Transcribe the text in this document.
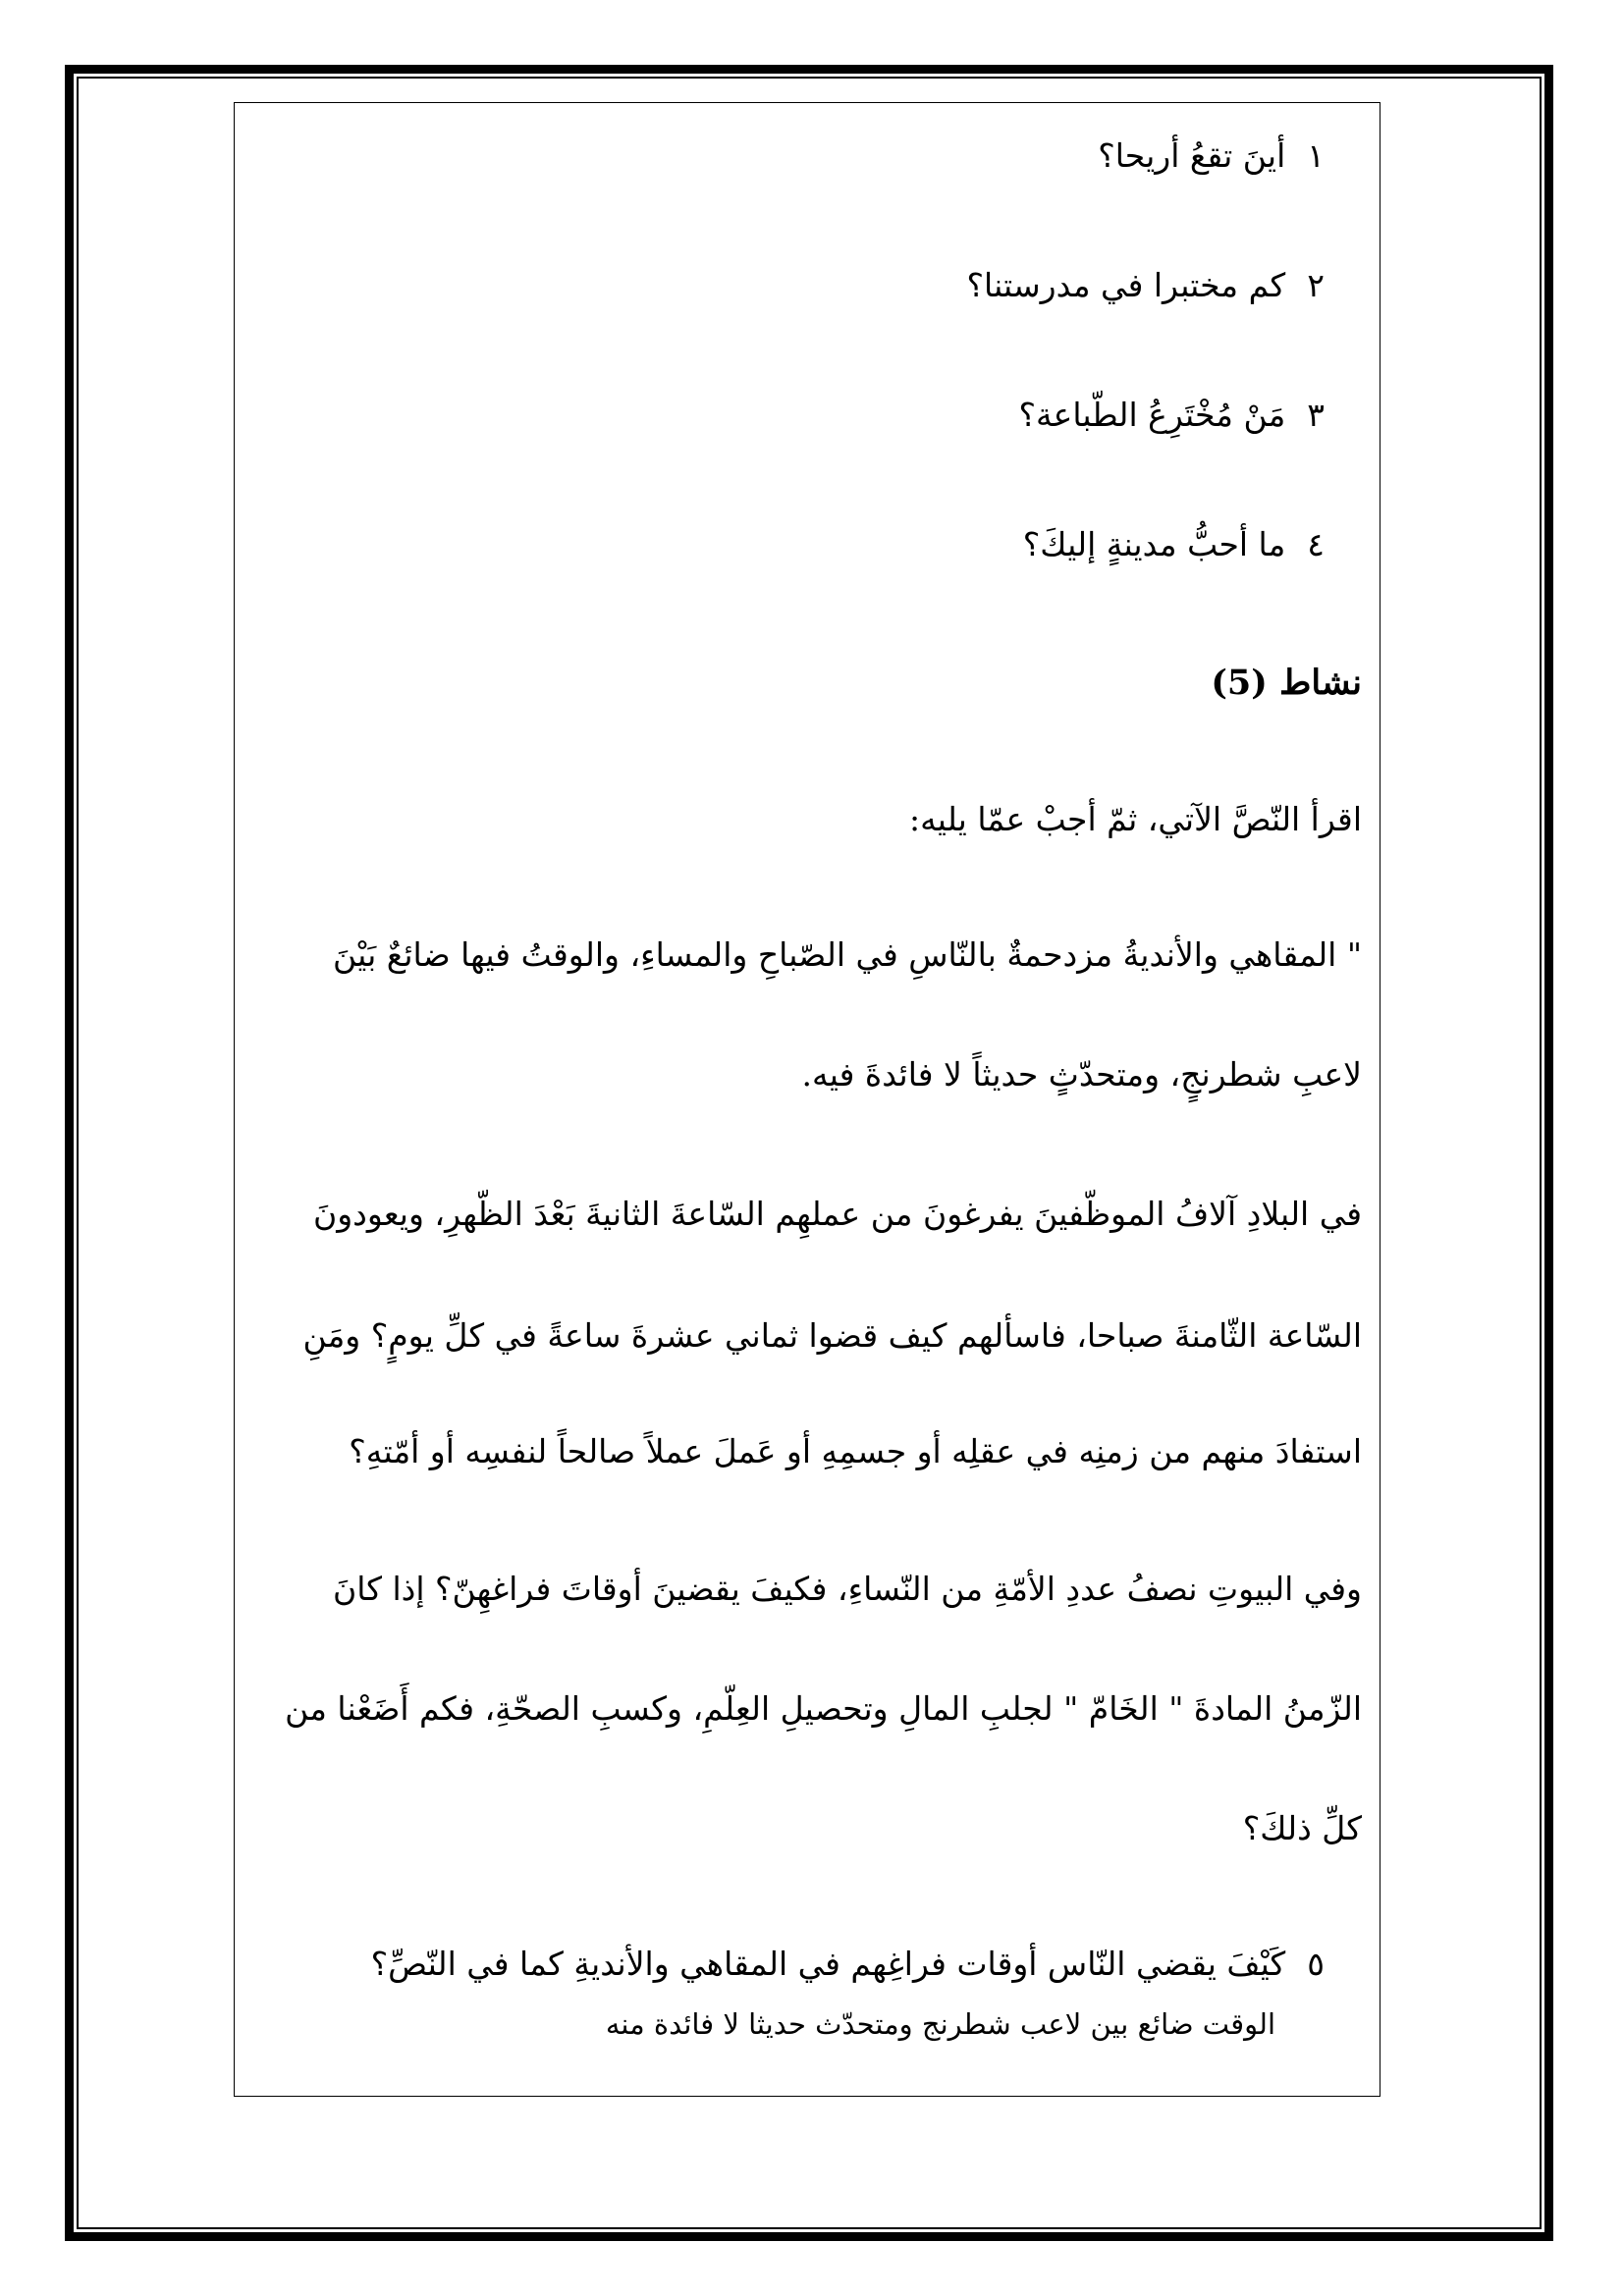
١أينَ تقعُ أريحا؟
٢كم مختبرا في مدرستنا؟
٣مَنْ مُخْتَرِعُ الطّباعة؟
٤ما أحبُّ مدينةٍ إليكَ؟
نشاط (5)
اقرأ النّصَّ الآتي، ثمّ أجبْ عمّا يليه:
" المقاهي والأنديةُ مزدحمةٌ بالنّاسِ في الصّباحِ والمساءِ، والوقتُ فيها ضائعٌ بَيْنَ
لاعبِ شطرنجٍ، ومتحدّثٍ حديثاً لا فائدةَ فيه.
في البلادِ آلافُ الموظّفينَ يفرغونَ من عملهِم السّاعةَ الثانيةَ بَعْدَ الظّهرِ، ويعودونَ
السّاعة الثّامنةَ صباحا، فاسألهم كيف قضوا ثماني عشرةَ ساعةً في كلِّ يومٍ؟ ومَنِ
استفادَ منهم من زمنِه في عقلِه أو جسمِهِ أو عَملَ عملاً صالحاً لنفسِه أو أمّتهِ؟
وفي البيوتِ نصفُ عددِ الأمّةِ من النّساءِ، فكيفَ يقضينَ أوقاتَ فراغهِنّ؟ إذا كانَ
الزّمنُ المادةَ " الخَامّ " لجلبِ المالِ وتحصيلِ العِلّمِ، وكسبِ الصحّةِ، فكم أَضَعْنا من
كلِّ ذلكَ؟
٥كَيْفَ يقضي النّاس أوقات فراغِهم في المقاهي والأنديةِ كما في النّصِّ؟
الوقت ضائع بين لاعب شطرنج ومتحدّث حديثا لا فائدة منه
